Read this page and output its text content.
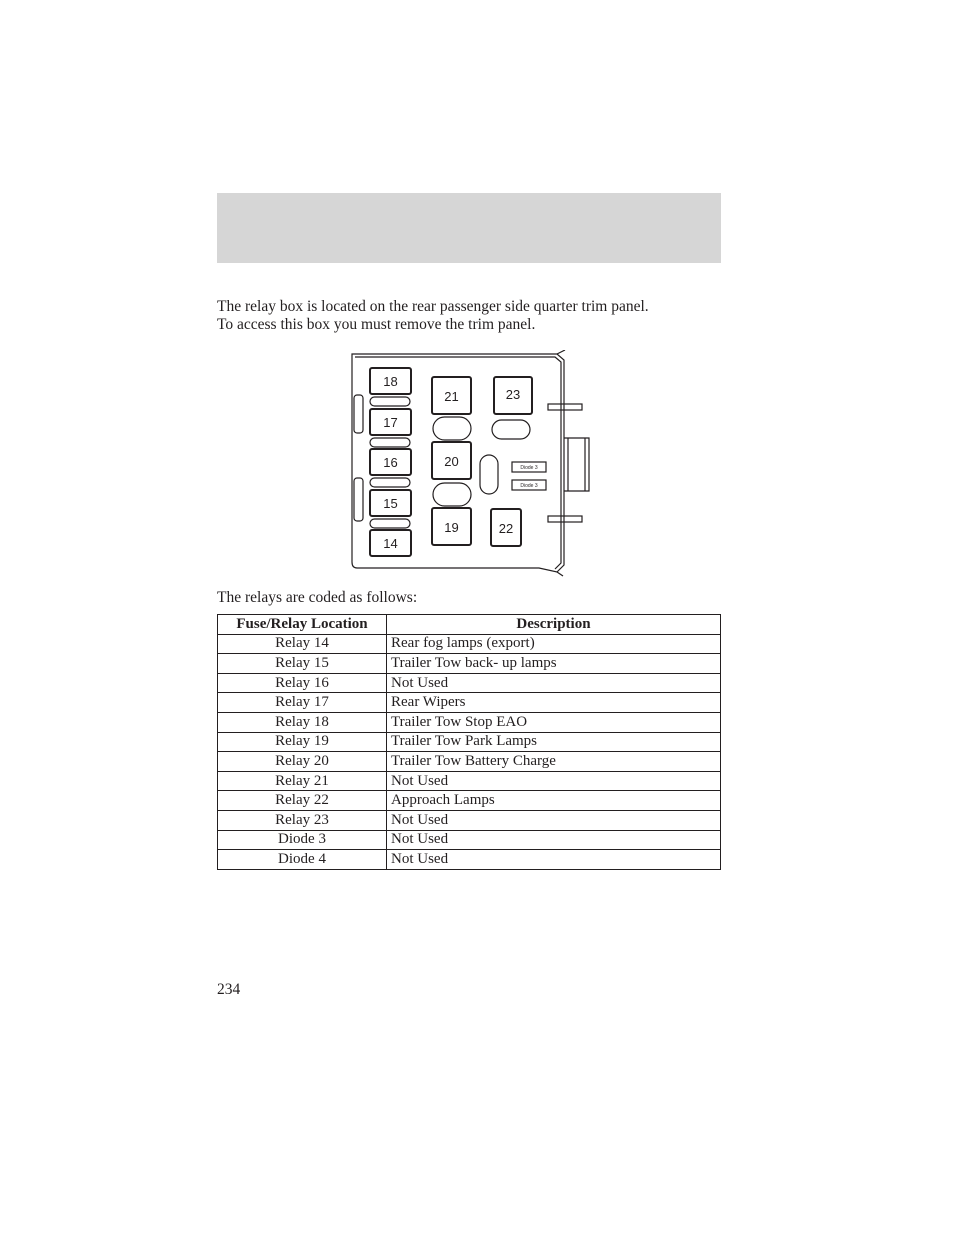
The relay box is located on the rear passenger side quarter trim panel.

To access this box you must remove the trim panel.

18
17
16
15
14
21
20
19
23
22
Diode 3
Diode 3
The relays are coded as follows:
Fuse/Relay Location	Description
Relay 14	Rear fog lamps (export)
Relay 15	Trailer Tow back- up lamps
Relay 16	Not Used
Relay 17	Rear Wipers
Relay 18	Trailer Tow Stop EAO
Relay 19	Trailer Tow Park Lamps
Relay 20	Trailer Tow Battery Charge
Relay 21	Not Used
Relay 22	Approach Lamps
Relay 23	Not Used
Diode 3	Not Used
Diode 4	Not Used
234
